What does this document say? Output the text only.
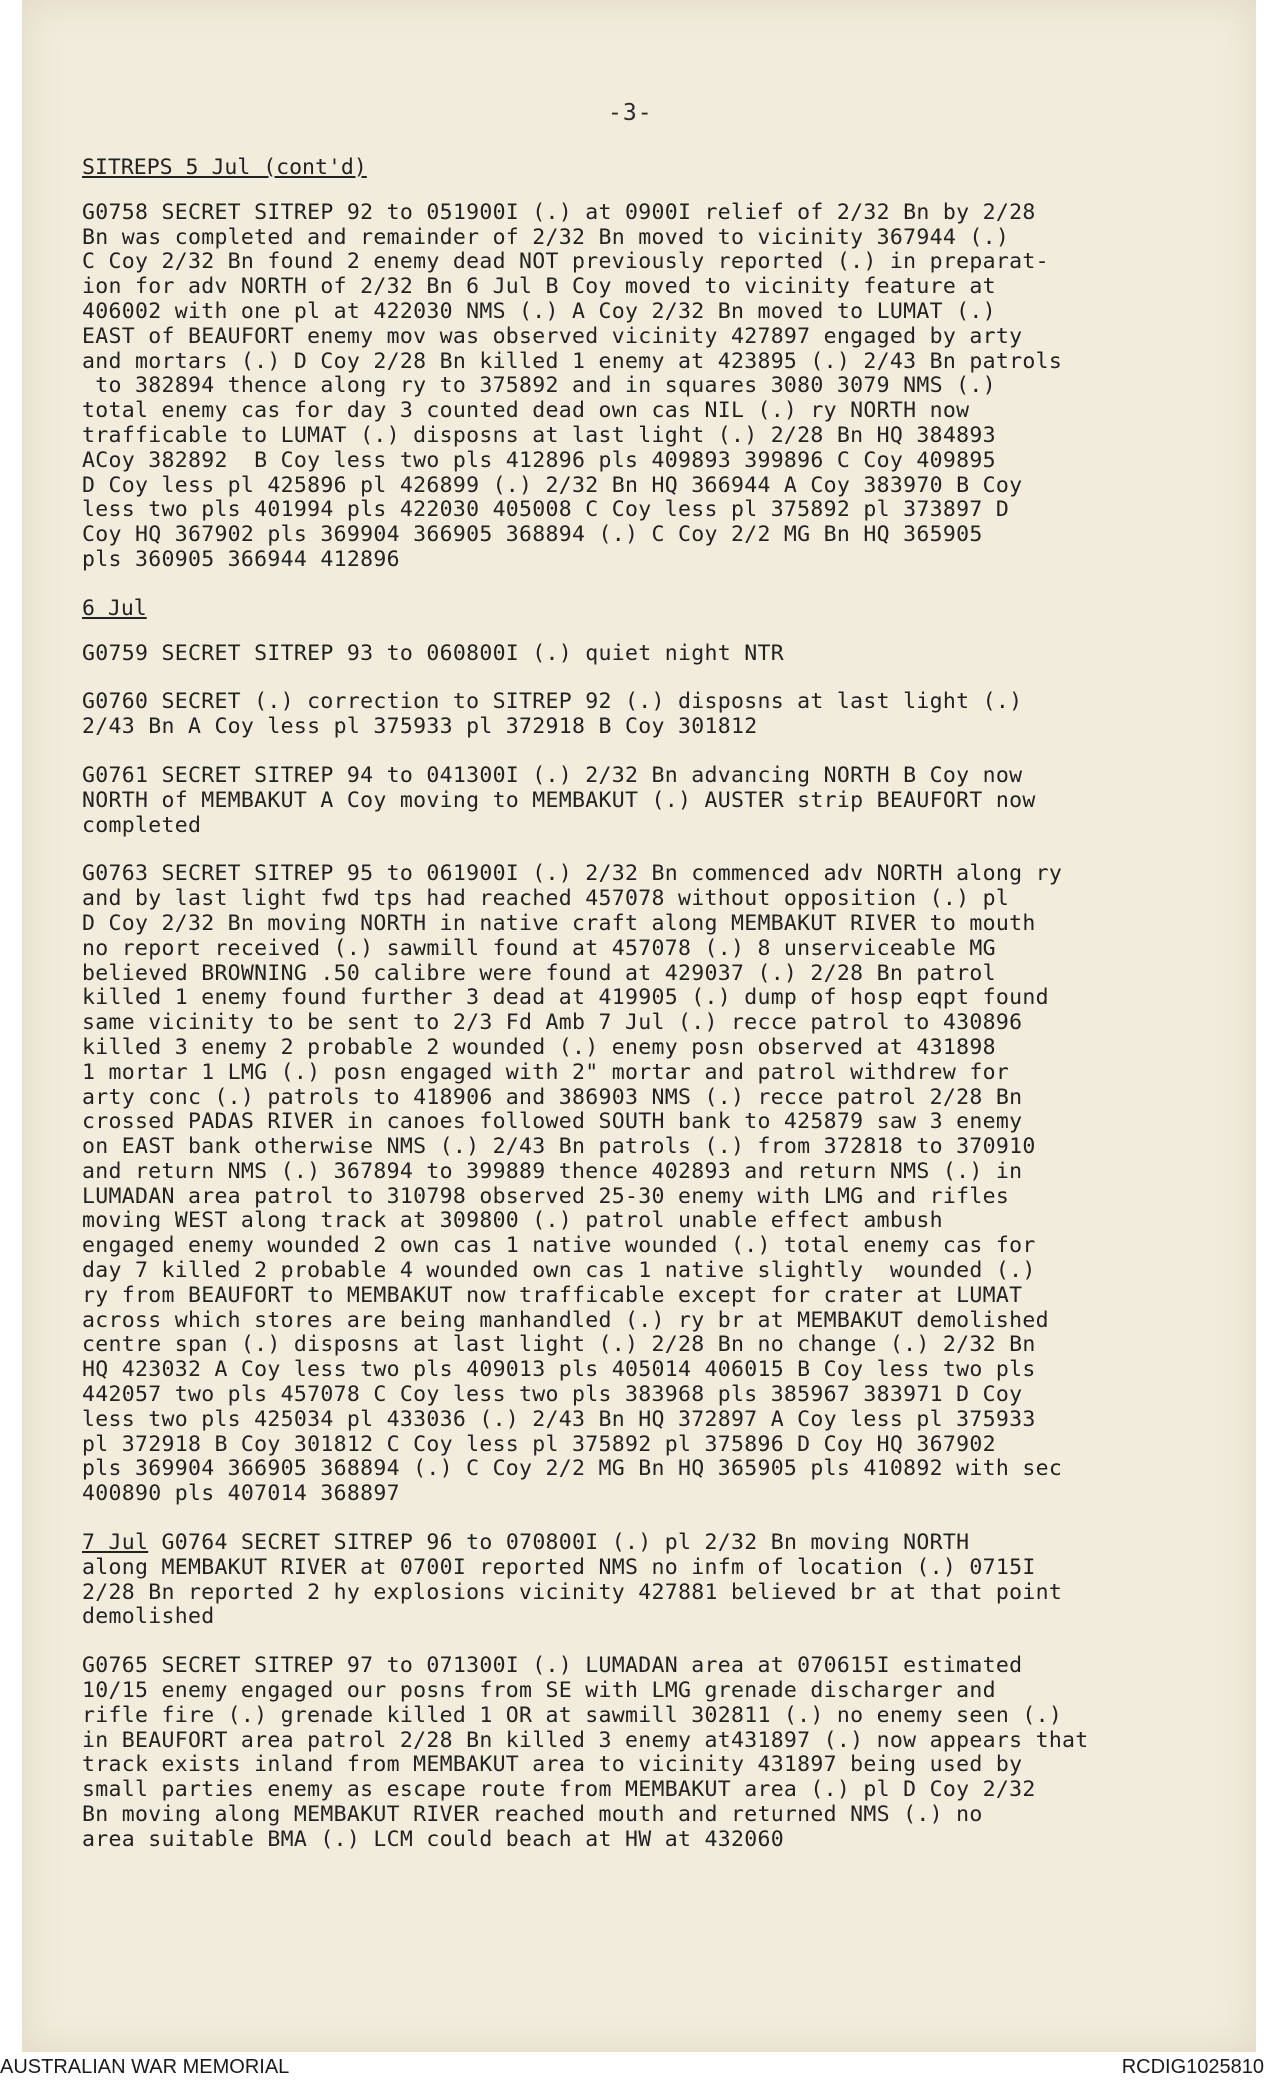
-3-
SITREPS 5 Jul (cont'd)
G0758 SECRET SITREP 92 to 051900I (.) at 0900I relief of 2/32 Bn by 2/28
Bn was completed and remainder of 2/32 Bn moved to vicinity 367944 (.)
C Coy 2/32 Bn found 2 enemy dead NOT previously reported (.) in preparat-
ion for adv NORTH of 2/32 Bn 6 Jul B Coy moved to vicinity feature at
406002 with one pl at 422030 NMS (.) A Coy 2/32 Bn moved to LUMAT (.)
EAST of BEAUFORT enemy mov was observed vicinity 427897 engaged by arty
and mortars (.) D Coy 2/28 Bn killed 1 enemy at 423895 (.) 2/43 Bn patrols
to 382894 thence along ry to 375892 and in squares 3080 3079 NMS (.)
total enemy cas for day 3 counted dead own cas NIL (.) ry NORTH now
trafficable to LUMAT (.) disposns at last light (.) 2/28 Bn HQ 384893
ACoy 382892  B Coy less two pls 412896 pls 409893 399896 C Coy 409895
D Coy less pl 425896 pl 426899 (.) 2/32 Bn HQ 366944 A Coy 383970 B Coy
less two pls 401994 pls 422030 405008 C Coy less pl 375892 pl 373897 D
Coy HQ 367902 pls 369904 366905 368894 (.) C Coy 2/2 MG Bn HQ 365905
pls 360905 366944 412896
6 Jul
G0759 SECRET SITREP 93 to 060800I (.) quiet night NTR
G0760 SECRET (.) correction to SITREP 92 (.) disposns at last light (.)
2/43 Bn A Coy less pl 375933 pl 372918 B Coy 301812
G0761 SECRET SITREP 94 to 041300I (.) 2/32 Bn advancing NORTH B Coy now
NORTH of MEMBAKUT A Coy moving to MEMBAKUT (.) AUSTER strip BEAUFORT now
completed
G0763 SECRET SITREP 95 to 061900I (.) 2/32 Bn commenced adv NORTH along ry
and by last light fwd tps had reached 457078 without opposition (.) pl
D Coy 2/32 Bn moving NORTH in native craft along MEMBAKUT RIVER to mouth
no report received (.) sawmill found at 457078 (.) 8 unserviceable MG
believed BROWNING .50 calibre were found at 429037 (.) 2/28 Bn patrol
killed 1 enemy found further 3 dead at 419905 (.) dump of hosp eqpt found
same vicinity to be sent to 2/3 Fd Amb 7 Jul (.) recce patrol to 430896
killed 3 enemy 2 probable 2 wounded (.) enemy posn observed at 431898
1 mortar 1 LMG (.) posn engaged with 2" mortar and patrol withdrew for
arty conc (.) patrols to 418906 and 386903 NMS (.) recce patrol 2/28 Bn
crossed PADAS RIVER in canoes followed SOUTH bank to 425879 saw 3 enemy
on EAST bank otherwise NMS (.) 2/43 Bn patrols (.) from 372818 to 370910
and return NMS (.) 367894 to 399889 thence 402893 and return NMS (.) in
LUMADAN area patrol to 310798 observed 25-30 enemy with LMG and rifles
moving WEST along track at 309800 (.) patrol unable effect ambush
engaged enemy wounded 2 own cas 1 native wounded (.) total enemy cas for
day 7 killed 2 probable 4 wounded own cas 1 native slightly  wounded (.)
ry from BEAUFORT to MEMBAKUT now trafficable except for crater at LUMAT
across which stores are being manhandled (.) ry br at MEMBAKUT demolished
centre span (.) disposns at last light (.) 2/28 Bn no change (.) 2/32 Bn
HQ 423032 A Coy less two pls 409013 pls 405014 406015 B Coy less two pls
442057 two pls 457078 C Coy less two pls 383968 pls 385967 383971 D Coy
less two pls 425034 pl 433036 (.) 2/43 Bn HQ 372897 A Coy less pl 375933
pl 372918 B Coy 301812 C Coy less pl 375892 pl 375896 D Coy HQ 367902
pls 369904 366905 368894 (.) C Coy 2/2 MG Bn HQ 365905 pls 410892 with sec
400890 pls 407014 368897
7 Jul G0764 SECRET SITREP 96 to 070800I (.) pl 2/32 Bn moving NORTH
along MEMBAKUT RIVER at 0700I reported NMS no infm of location (.) 0715I
2/28 Bn reported 2 hy explosions vicinity 427881 believed br at that point
demolished
G0765 SECRET SITREP 97 to 071300I (.) LUMADAN area at 070615I estimated
10/15 enemy engaged our posns from SE with LMG grenade discharger and
rifle fire (.) grenade killed 1 OR at sawmill 302811 (.) no enemy seen (.)
in BEAUFORT area patrol 2/28 Bn killed 3 enemy at431897 (.) now appears that
track exists inland from MEMBAKUT area to vicinity 431897 being used by
small parties enemy as escape route from MEMBAKUT area (.) pl D Coy 2/32
Bn moving along MEMBAKUT RIVER reached mouth and returned NMS (.) no
area suitable BMA (.) LCM could beach at HW at 432060
AUSTRALIAN WAR MEMORIAL	RCDIG1025810
